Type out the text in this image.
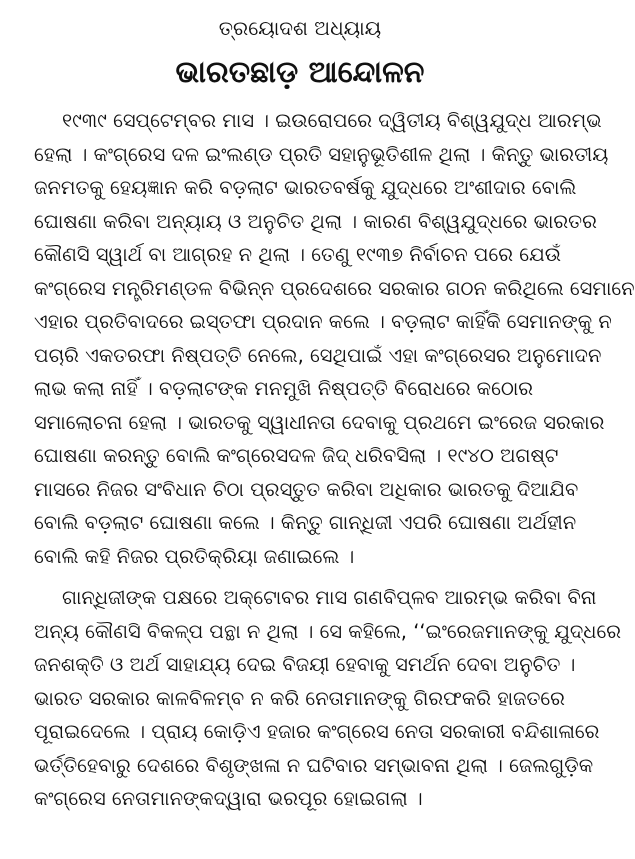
ତ୍ରୟୋଦଶ ଅଧ୍ୟାୟ
ଭାରତଛାଡ଼ ଆନ୍ଦୋଳନ
୧୯୩୯ ସେପ୍ଟେମ୍ବର ମାସ । ଇଉରୋପରେ ଦ୍ୱିତୀୟ ବିଶ୍ୱଯୁଦ୍ଧ ଆରମ୍ଭ
ହେଲା । କଂଗ୍ରେସ ଦଳ ଇଂଲଣ୍ଡ ପ୍ରତି ସହାନୁଭୂତିଶୀଳ ଥିଲା । କିନ୍ତୁ ଭାରତୀୟ
ଜନମତକୁ ହେୟଜ୍ଞାନ କରି ବଡ଼ଲାଟ ଭାରତବର୍ଷକୁ ଯୁଦ୍ଧରେ ଅଂଶୀଦାର ବୋଲି
ଘୋଷଣା କରିବା ଅନ୍ୟାୟ ଓ ଅନୁଚିତ ଥିଲା । କାରଣ ବିଶ୍ୱଯୁଦ୍ଧରେ ଭାରତର
କୌଣସି ସ୍ୱାର୍ଥ ବା ଆଗ୍ରହ ନ ଥିଲା । ତେଣୁ ୧୯୩୭ ନିର୍ବାଚନ ପରେ ଯେଉଁ
କଂଗ୍ରେସ ମନ୍ତ୍ରିମଣ୍ଡଳ ବିଭିନ୍ନ ପ୍ରଦେଶରେ ସରକାର ଗଠନ କରିଥିଲେ ସେମାନେ
ଏହାର ପ୍ରତିବାଦରେ ଇସ୍ତଫା ପ୍ରଦାନ କଲେ । ବଡ଼ଲାଟ କାହିଁକି ସେମାନଙ୍କୁ ନ
ପଚାରି ଏକତରଫା ନିଷ୍ପତ୍ତି ନେଲେ, ସେଥିପାଇଁ ଏହା କଂଗ୍ରେସର ଅନୁମୋଦନ
ଲାଭ କଲା ନାହିଁ । ବଡ଼ଲାଟଙ୍କ ମନମୁଖି ନିଷ୍ପତ୍ତି ବିରୋଧରେ କଠୋର
ସମାଲୋଚନା ହେଲା । ଭାରତକୁ ସ୍ୱାଧୀନତା ଦେବାକୁ ପ୍ରଥମେ ଇଂରେଜ ସରକାର
ଘୋଷଣା କରନ୍ତୁ ବୋଲି କଂଗ୍ରେସଦଳ ଜିଦ୍ ଧରିବସିଲା । ୧୯୪୦ ଅଗଷ୍ଟ
ମାସରେ ନିଜର ସଂବିଧାନ ଚିଠା ପ୍ରସ୍ତୁତ କରିବା ଅଧିକାର ଭାରତକୁ ଦିଆଯିବ
ବୋଲି ବଡ଼ଲାଟ ଘୋଷଣା କଲେ । କିନ୍ତୁ ଗାନ୍ଧିଜୀ ଏପରି ଘୋଷଣା ଅର୍ଥହୀନ
ବୋଲି କହି ନିଜର ପ୍ରତିକ୍ରିୟା ଜଣାଇଲେ ।
ଗାନ୍ଧିଜୀଙ୍କ ପକ୍ଷରେ ଅକ୍ଟୋବର ମାସ ଗଣବିପ୍ଳବ ଆରମ୍ଭ କରିବା ବିନା
ଅନ୍ୟ କୌଣସି ବିକଳ୍ପ ପନ୍ଥା ନ ଥିଲା । ସେ କହିଲେ, ‘‘ଇଂରେଜମାନଙ୍କୁ ଯୁଦ୍ଧରେ
ଜନଶକ୍ତି ଓ ଅର୍ଥ ସାହାଯ୍ୟ ଦେଇ ବିଜୟୀ ହେବାକୁ ସମର୍ଥନ ଦେବା ଅନୁଚିତ ।
ଭାରତ ସରକାର କାଳବିଳମ୍ବ ନ କରି ନେତାମାନଙ୍କୁ ଗିରଫକରି ହାଜତରେ
ପୂରାଇଦେଲେ । ପ୍ରାୟ କୋଡ଼ିଏ ହଜାର କଂଗ୍ରେସ ନେତା ସରକାରୀ ବନ୍ଦିଶାଳାରେ
ଭର୍ତ୍ତିହେବାରୁ ଦେଶରେ ବିଶୃଙ୍ଖଳା ନ ଘଟିବାର ସମ୍ଭାବନା ଥିଲା । ଜେଲଗୁଡ଼ିକ
କଂଗ୍ରେସ ନେତାମାନଙ୍କଦ୍ୱାରା ଭରପୂର ହୋଇଗଲା ।
